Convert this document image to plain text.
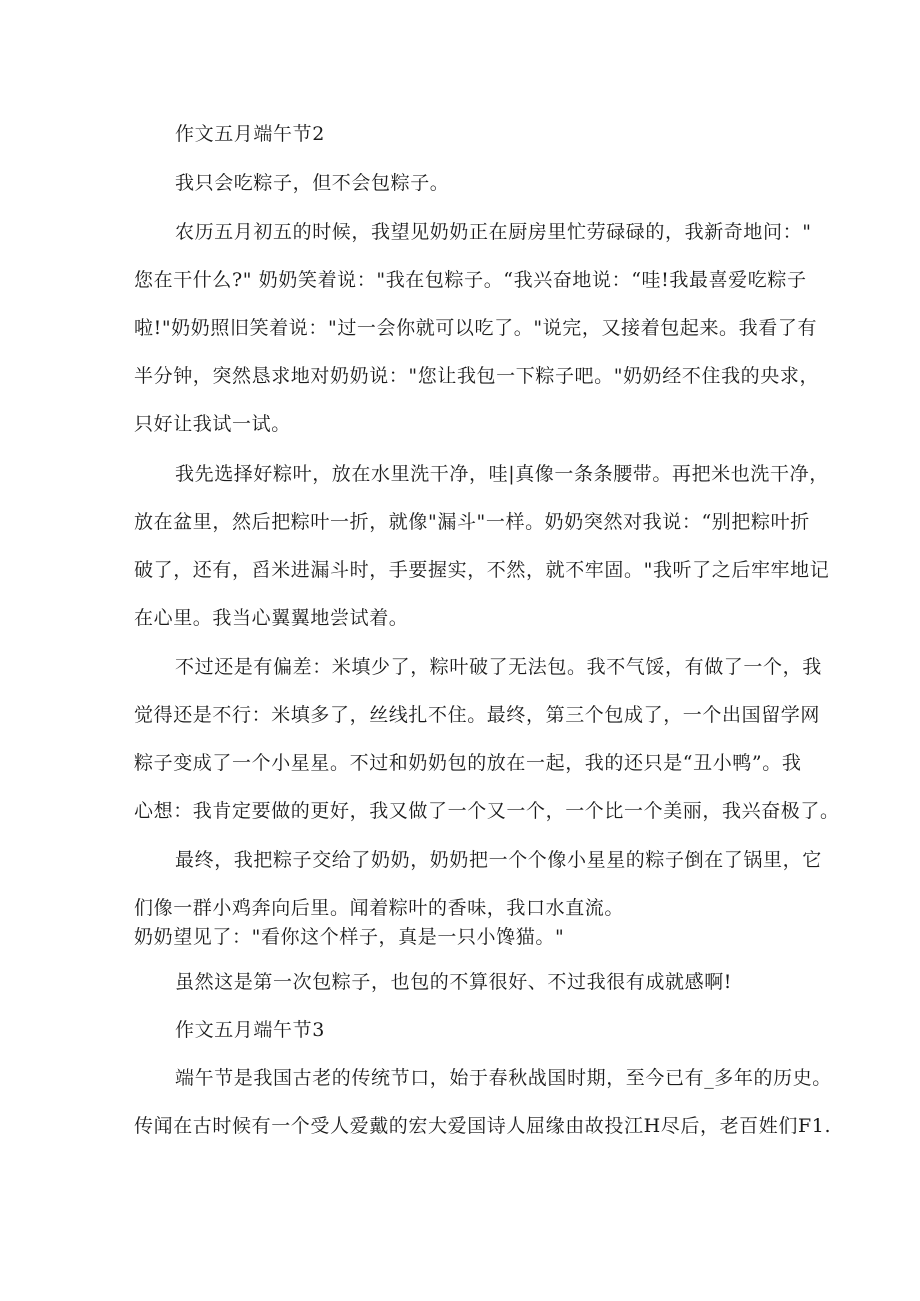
作文五月端午节2
我只会吃粽子，但不会包粽子。
农历五月初五的时候，我望见奶奶正在厨房里忙劳碌碌的，我新奇地问："
您在干什么?" 奶奶笑着说："我在包粽子。“我兴奋地说：“哇!我最喜爱吃粽子
啦!"奶奶照旧笑着说："过一会你就可以吃了。"说完，又接着包起来。我看了有
半分钟，突然恳求地对奶奶说："您让我包一下粽子吧。"奶奶经不住我的央求，
只好让我试一试。
我先选择好粽叶，放在水里洗干净，哇|真像一条条腰带。再把米也洗干净，
放在盆里，然后把粽叶一折，就像"漏斗"一样。奶奶突然对我说：“别把粽叶折
破了，还有，舀米进漏斗时，手要握实，不然，就不牢固。"我听了之后牢牢地记
在心里。我当心翼翼地尝试着。
不过还是有偏差：米填少了，粽叶破了无法包。我不气馁，有做了一个，我
觉得还是不行：米填多了，丝线扎不住。最终，第三个包成了，一个出国留学网
粽子变成了一个小星星。不过和奶奶包的放在一起，我的还只是“丑小鸭”。我
心想：我肯定要做的更好，我又做了一个又一个，一个比一个美丽，我兴奋极了。
最终，我把粽子交给了奶奶，奶奶把一个个像小星星的粽子倒在了锅里，它
们像一群小鸡奔向后里。闻着粽叶的香味，我口水直流。
奶奶望见了："看你这个样子，真是一只小馋猫。"
虽然这是第一次包粽子，也包的不算很好、不过我很有成就感啊!
作文五月端午节3
端午节是我国古老的传统节口，始于春秋战国时期，至今已有_多年的历史。
传闻在古时候有一个受人爱戴的宏大爱国诗人屈缘由故投江H尽后，老百姓们F1.
